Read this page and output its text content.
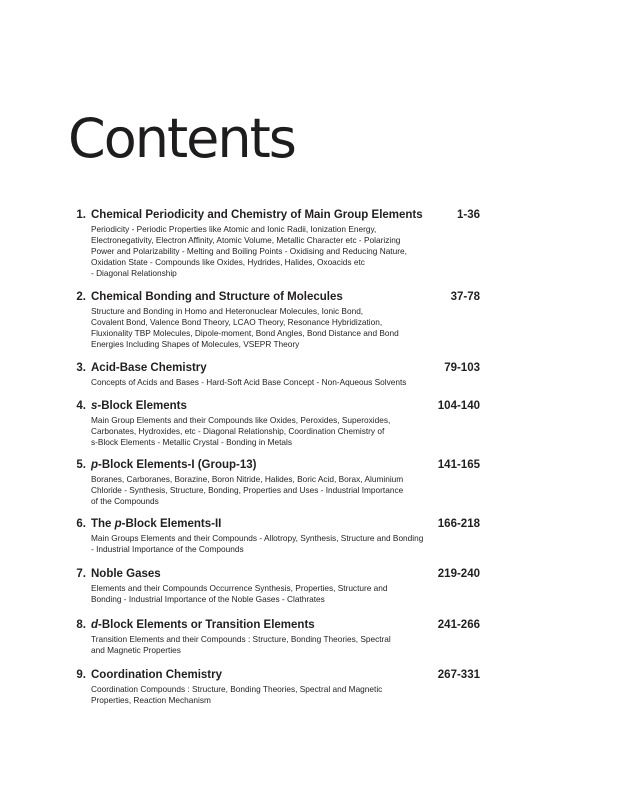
Contents
1. Chemical Periodicity and Chemistry of Main Group Elements	1-36
Periodicity - Periodic Properties like Atomic and Ionic Radii, Ionization Energy,
Electronegativity, Electron Affinity, Atomic Volume, Metallic Character etc - Polarizing
Power and Polarizability - Melting and Boiling Points - Oxidising and Reducing Nature,
Oxidation State - Compounds like Oxides, Hydrides, Halides, Oxoacids etc
- Diagonal Relationship
2. Chemical Bonding and Structure of Molecules	37-78
Structure and Bonding in Homo and Heteronuclear Molecules, Ionic Bond,
Covalent Bond, Valence Bond Theory, LCAO Theory, Resonance Hybridization,
Fluxionality TBP Molecules, Dipole-moment, Bond Angles, Bond Distance and Bond
Energies Including Shapes of Molecules, VSEPR Theory
3. Acid-Base Chemistry	79-103
Concepts of Acids and Bases - Hard-Soft Acid Base Concept - Non-Aqueous Solvents
4. s-Block Elements	104-140
Main Group Elements and their Compounds like Oxides, Peroxides, Superoxides,
Carbonates, Hydroxides, etc - Diagonal Relationship, Coordination Chemistry of
s-Block Elements - Metallic Crystal - Bonding in Metals
5. p-Block Elements-I (Group-13)	141-165
Boranes, Carboranes, Borazine, Boron Nitride, Halides, Boric Acid, Borax, Aluminium
Chloride - Synthesis, Structure, Bonding, Properties and Uses - Industrial Importance
of the Compounds
6. The p-Block Elements-II	166-218
Main Groups Elements and their Compounds - Allotropy, Synthesis, Structure and Bonding
- Industrial Importance of the Compounds
7. Noble Gases	219-240
Elements and their Compounds Occurrence Synthesis, Properties, Structure and
Bonding - Industrial Importance of the Noble Gases - Clathrates
8. d-Block Elements or Transition Elements	241-266
Transition Elements and their Compounds : Structure, Bonding Theories, Spectral
and Magnetic Properties
9. Coordination Chemistry	267-331
Coordination Compounds : Structure, Bonding Theories, Spectral and Magnetic
Properties, Reaction Mechanism
